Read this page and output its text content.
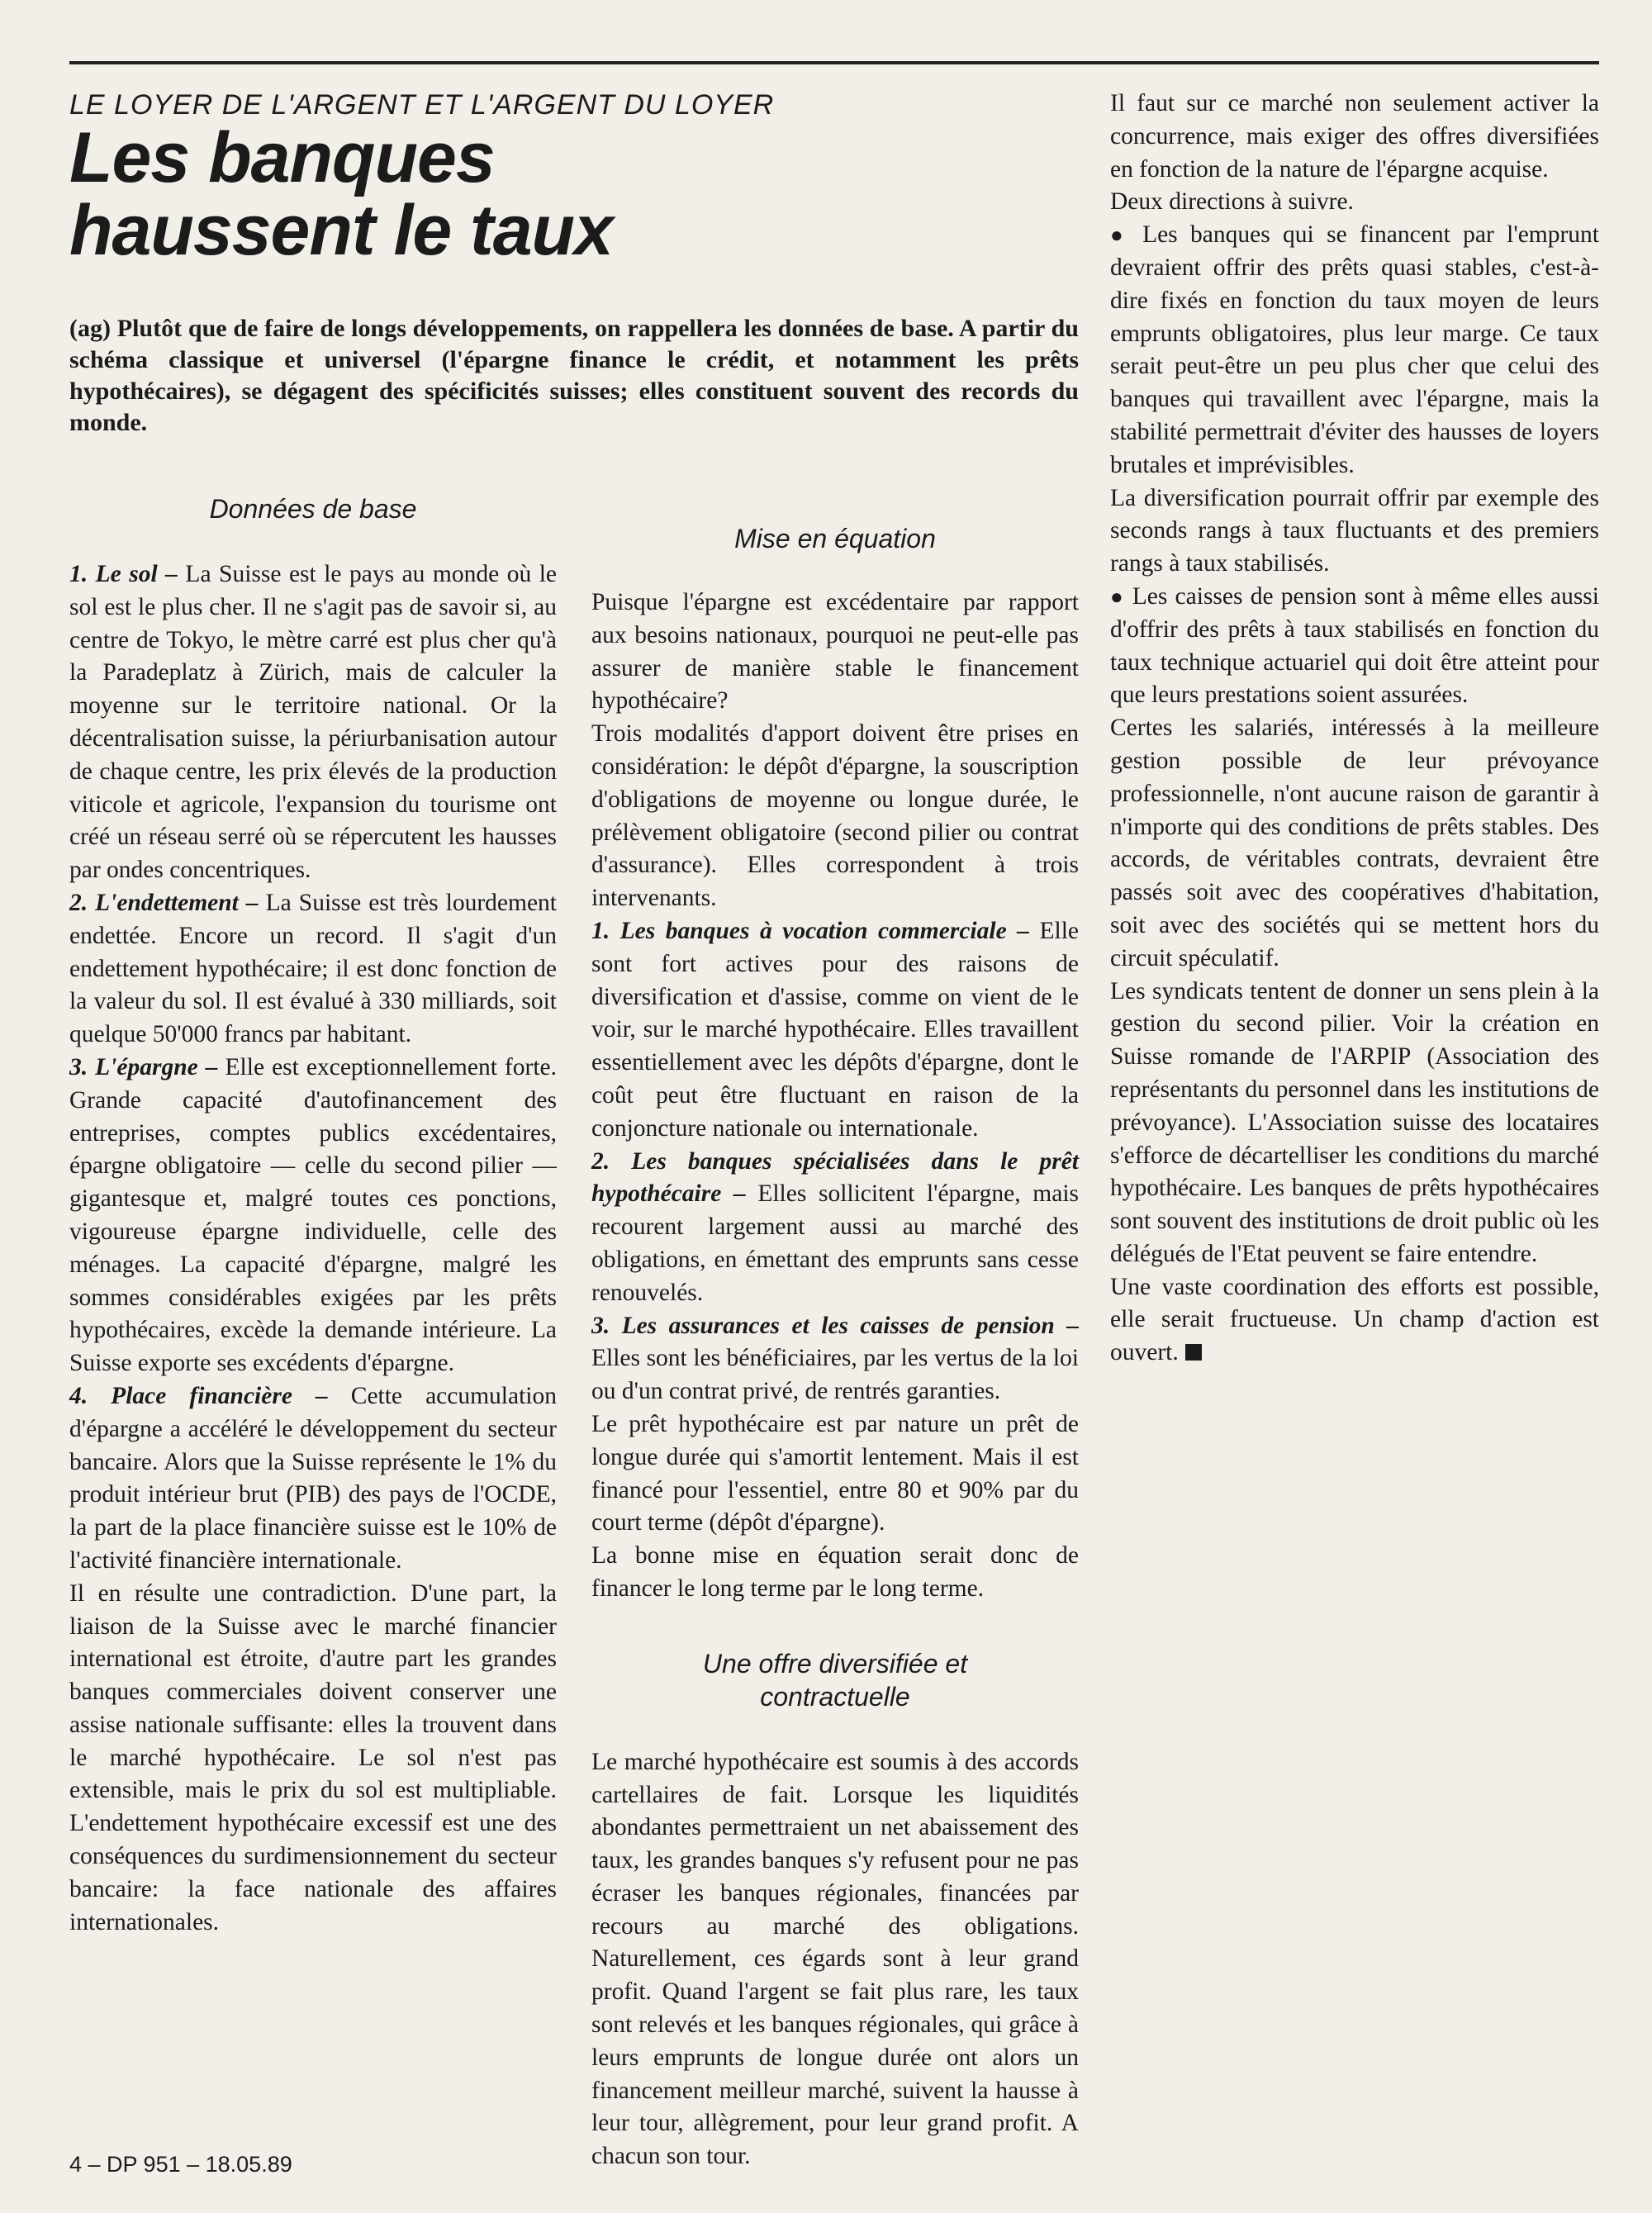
LE LOYER DE L'ARGENT ET L'ARGENT DU LOYER

Les banques
haussent le taux

(ag) Plutôt que de faire de longs développements, on rappellera les données de base. A partir du schéma classique et universel (l'épargne finance le crédit, et notamment les prêts hypothécaires), se dégagent des spécificités suisses; elles constituent souvent des records du monde.

Données de base

1. Le sol – La Suisse est le pays au monde où le sol est le plus cher. Il ne s'agit pas de savoir si, au centre de Tokyo, le mètre carré est plus cher qu'à la Paradeplatz à Zürich, mais de calculer la moyenne sur le territoire national. Or la décentralisation suisse, la périurbanisation autour de chaque centre, les prix élevés de la production viticole et agricole, l'expansion du tourisme ont créé un réseau serré où se répercutent les hausses par ondes concentriques.

2. L'endettement – La Suisse est très lourdement endettée. Encore un record. Il s'agit d'un endettement hypothécaire; il est donc fonction de la valeur du sol. Il est évalué à 330 milliards, soit quelque 50'000 francs par habitant.

3. L'épargne – Elle est exceptionnellement forte. Grande capacité d'autofinancement des entreprises, comptes publics excédentaires, épargne obligatoire — celle du second pilier — gigantesque et, malgré toutes ces ponctions, vigoureuse épargne individuelle, celle des ménages. La capacité d'épargne, malgré les sommes considérables exigées par les prêts hypothécaires, excède la demande intérieure. La Suisse exporte ses excédents d'épargne.

4. Place financière – Cette accumulation d'épargne a accéléré le développement du secteur bancaire. Alors que la Suisse représente le 1% du produit intérieur brut (PIB) des pays de l'OCDE, la part de la place financière suisse est le 10% de l'activité financière internationale.

Il en résulte une contradiction. D'une part, la liaison de la Suisse avec le marché financier international est étroite, d'autre part les grandes banques commerciales doivent conserver une assise nationale suffisante: elles la trouvent dans le marché hypothécaire. Le sol n'est pas extensible, mais le prix du sol est multipliable. L'endettement hypothécaire excessif est une des conséquences du surdimensionnement du secteur bancaire: la face nationale des affaires internationales.

Mise en équation

Puisque l'épargne est excédentaire par rapport aux besoins nationaux, pourquoi ne peut-elle pas assurer de manière stable le financement hypothécaire?

Trois modalités d'apport doivent être prises en considération: le dépôt d'épargne, la souscription d'obligations de moyenne ou longue durée, le prélèvement obligatoire (second pilier ou contrat d'assurance). Elles correspondent à trois intervenants.

1. Les banques à vocation commerciale – Elle sont fort actives pour des raisons de diversification et d'assise, comme on vient de le voir, sur le marché hypothécaire. Elles travaillent essentiellement avec les dépôts d'épargne, dont le coût peut être fluctuant en raison de la conjoncture nationale ou internationale.

2. Les banques spécialisées dans le prêt hypothécaire – Elles sollicitent l'épargne, mais recourent largement aussi au marché des obligations, en émettant des emprunts sans cesse renouvelés.

3. Les assurances et les caisses de pension – Elles sont les bénéficiaires, par les vertus de la loi ou d'un contrat privé, de rentrés garanties.

Le prêt hypothécaire est par nature un prêt de longue durée qui s'amortit lentement. Mais il est financé pour l'essentiel, entre 80 et 90% par du court terme (dépôt d'épargne).

La bonne mise en équation serait donc de financer le long terme par le long terme.

Une offre diversifiée et
contractuelle

Le marché hypothécaire est soumis à des accords cartellaires de fait. Lorsque les liquidités abondantes permettraient un net abaissement des taux, les grandes banques s'y refusent pour ne pas écraser les banques régionales, financées par recours au marché des obligations. Naturellement, ces égards sont à leur grand profit. Quand l'argent se fait plus rare, les taux sont relevés et les banques régionales, qui grâce à leurs emprunts de longue durée ont alors un financement meilleur marché, suivent la hausse à leur tour, allègrement, pour leur grand profit. A chacun son tour.

Il faut sur ce marché non seulement activer la concurrence, mais exiger des offres diversifiées en fonction de la nature de l'épargne acquise.

Deux directions à suivre.

● Les banques qui se financent par l'emprunt devraient offrir des prêts quasi stables, c'est-à-dire fixés en fonction du taux moyen de leurs emprunts obligatoires, plus leur marge. Ce taux serait peut-être un peu plus cher que celui des banques qui travaillent avec l'épargne, mais la stabilité permettrait d'éviter des hausses de loyers brutales et imprévisibles.

La diversification pourrait offrir par exemple des seconds rangs à taux fluctuants et des premiers rangs à taux stabilisés.

● Les caisses de pension sont à même elles aussi d'offrir des prêts à taux stabilisés en fonction du taux technique actuariel qui doit être atteint pour que leurs prestations soient assurées.

Certes les salariés, intéressés à la meilleure gestion possible de leur prévoyance professionnelle, n'ont aucune raison de garantir à n'importe qui des conditions de prêts stables. Des accords, de véritables contrats, devraient être passés soit avec des coopératives d'habitation, soit avec des sociétés qui se mettent hors du circuit spéculatif.

Les syndicats tentent de donner un sens plein à la gestion du second pilier. Voir la création en Suisse romande de l'ARPIP (Association des représentants du personnel dans les institutions de prévoyance). L'Association suisse des locataires s'efforce de décartelliser les conditions du marché hypothécaire. Les banques de prêts hypothécaires sont souvent des institutions de droit public où les délégués de l'Etat peuvent se faire entendre.

Une vaste coordination des efforts est possible, elle serait fructueuse. Un champ d'action est ouvert.

4 – DP 951 – 18.05.89
